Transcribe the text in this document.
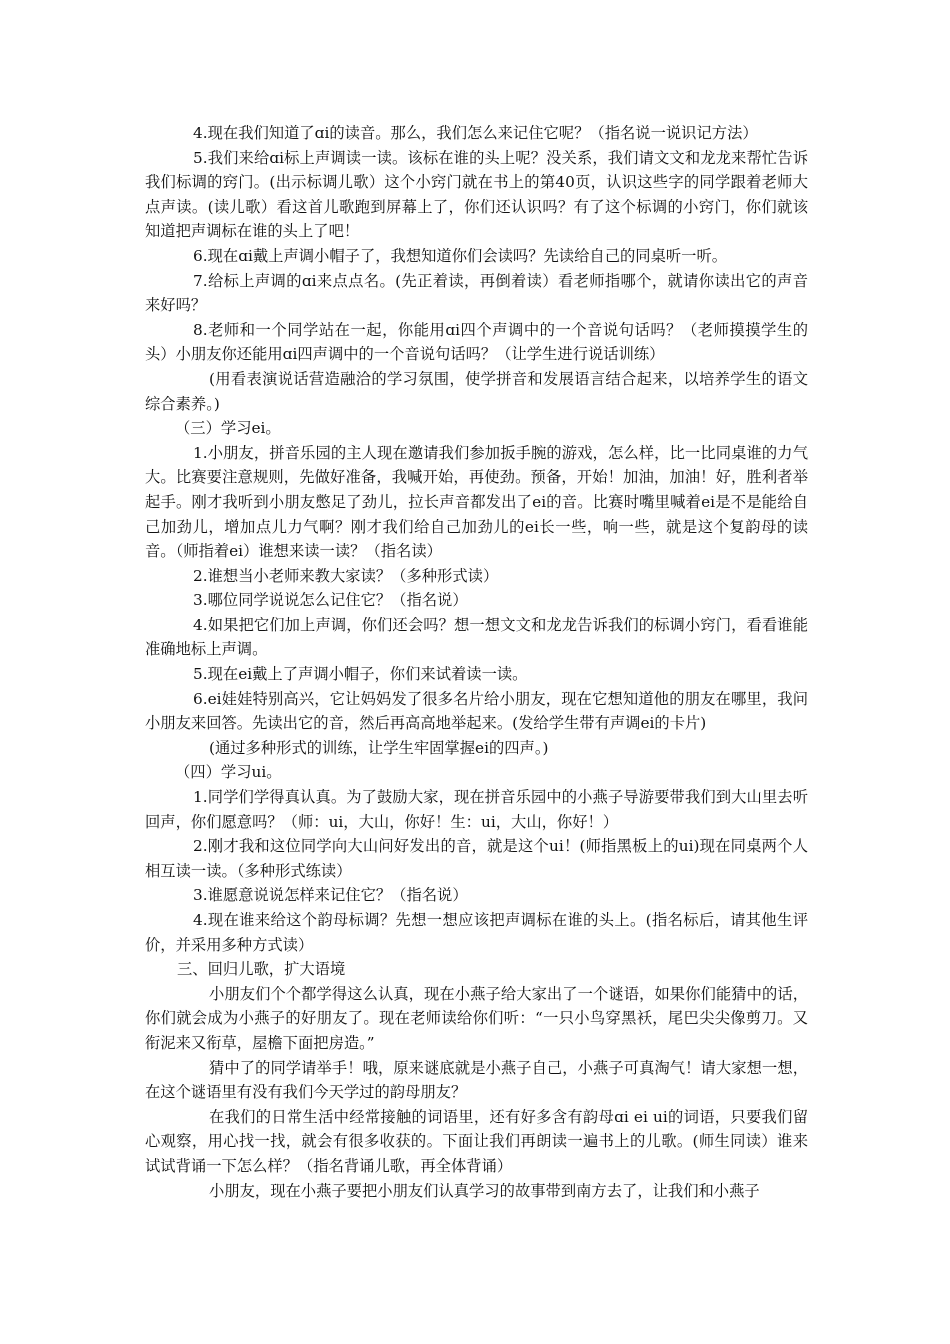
4.现在我们知道了ɑi的读音。那么，我们怎么来记住它呢？（指名说一说识记方法）

5.我们来给ɑi标上声调读一读。该标在谁的头上呢？没关系，我们请文文和龙龙来帮忙告诉我们标调的窍门。(出示标调儿歌）这个小窍门就在书上的第40页，认识这些字的同学跟着老师大点声读。(读儿歌）看这首儿歌跑到屏幕上了，你们还认识吗？有了这个标调的小窍门，你们就该知道把声调标在谁的头上了吧！

6.现在ɑi戴上声调小帽子了，我想知道你们会读吗？先读给自己的同桌听一听。

7.给标上声调的ɑi来点点名。(先正着读，再倒着读）看老师指哪个，就请你读出它的声音来好吗？

8.老师和一个同学站在一起，你能用ɑi四个声调中的一个音说句话吗？（老师摸摸学生的头）小朋友你还能用ɑi四声调中的一个音说句话吗？（让学生进行说话训练）

(用看表演说话营造融洽的学习氛围，使学拼音和发展语言结合起来，以培养学生的语文综合素养。)

（三）学习ei。

1.小朋友，拼音乐园的主人现在邀请我们参加扳手腕的游戏，怎么样，比一比同桌谁的力气大。比赛要注意规则，先做好准备，我喊开始，再使劲。预备，开始！加油，加油！好，胜利者举起手。刚才我听到小朋友憋足了劲儿，拉长声音都发出了ei的音。比赛时嘴里喊着ei是不是能给自己加劲儿，增加点儿力气啊？刚才我们给自己加劲儿的ei长一些，响一些，就是这个复韵母的读音。（师指着ei）谁想来读一读？（指名读）

2.谁想当小老师来教大家读？（多种形式读）

3.哪位同学说说怎么记住它？（指名说）

4.如果把它们加上声调，你们还会吗？想一想文文和龙龙告诉我们的标调小窍门，看看谁能准确地标上声调。

5.现在ei戴上了声调小帽子，你们来试着读一读。

6.ei娃娃特别高兴，它让妈妈发了很多名片给小朋友，现在它想知道他的朋友在哪里，我问小朋友来回答。先读出它的音，然后再高高地举起来。(发给学生带有声调ei的卡片)

(通过多种形式的训练，让学生牢固掌握ei的四声。)

（四）学习ui。

1.同学们学得真认真。为了鼓励大家，现在拼音乐园中的小燕子导游要带我们到大山里去听回声，你们愿意吗？（师：ui，大山，你好！生：ui，大山，你好！）

2.刚才我和这位同学向大山问好发出的音，就是这个ui！(师指黑板上的ui)现在同桌两个人相互读一读。（多种形式练读）

3.谁愿意说说怎样来记住它？（指名说）

4.现在谁来给这个韵母标调？先想一想应该把声调标在谁的头上。(指名标后，请其他生评价，并采用多种方式读）

三、回归儿歌，扩大语境

小朋友们个个都学得这么认真，现在小燕子给大家出了一个谜语，如果你们能猜中的话，你们就会成为小燕子的好朋友了。现在老师读给你们听：“一只小鸟穿黑袄，尾巴尖尖像剪刀。又衔泥来又衔草，屋檐下面把房造。”

猜中了的同学请举手！哦，原来谜底就是小燕子自己，小燕子可真淘气！请大家想一想，在这个谜语里有没有我们今天学过的韵母朋友？

在我们的日常生活中经常接触的词语里，还有好多含有韵母ɑi ei ui的词语，只要我们留心观察，用心找一找，就会有很多收获的。下面让我们再朗读一遍书上的儿歌。(师生同读）谁来试试背诵一下怎么样？（指名背诵儿歌，再全体背诵）

小朋友，现在小燕子要把小朋友们认真学习的故事带到南方去了，让我们和小燕子
